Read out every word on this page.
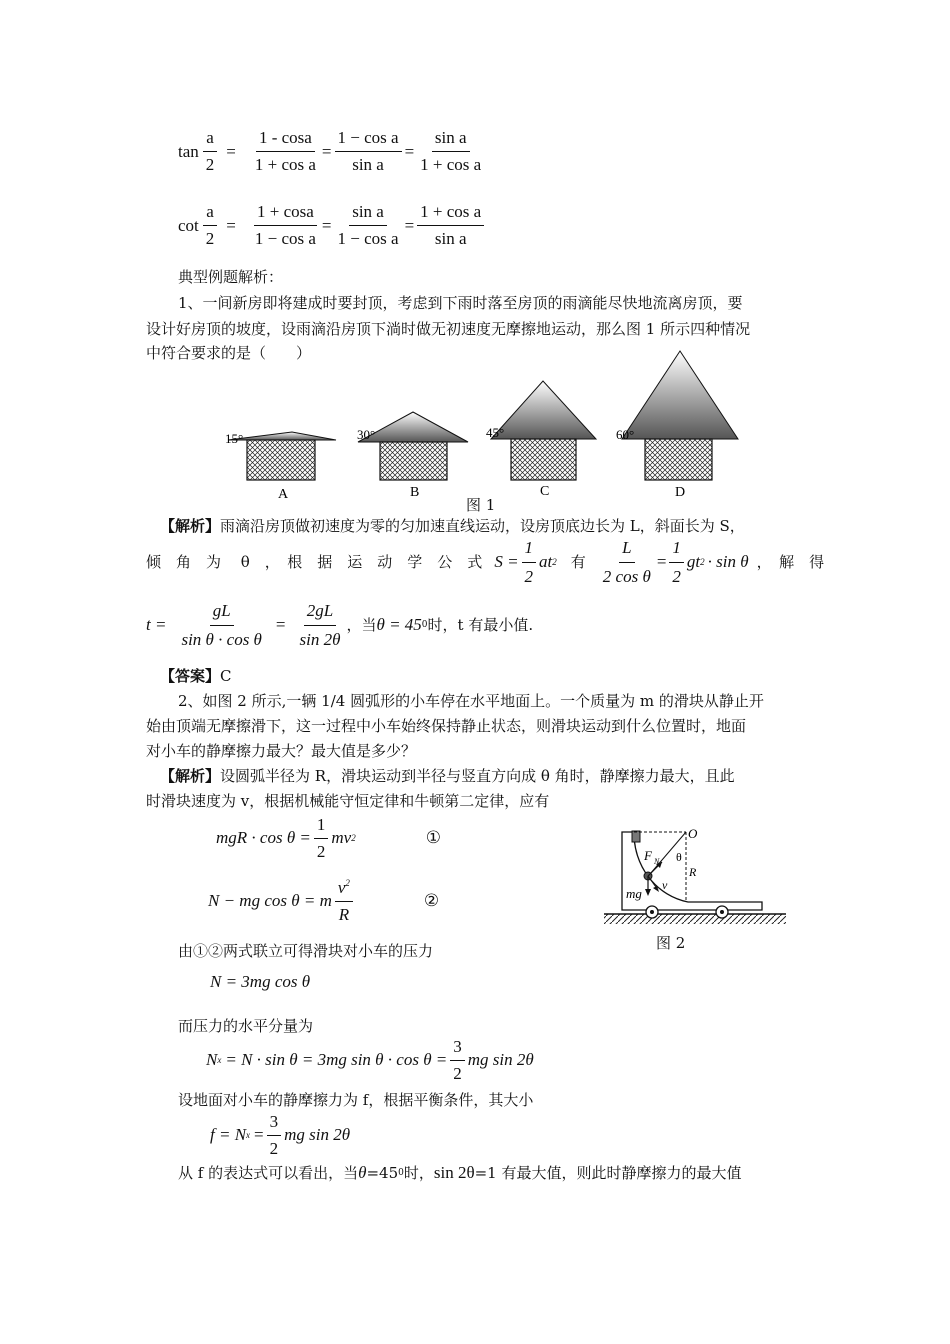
$\tan \frac{a}{2} = \frac{1 - \cos a}{\text{1 + cos a}} = \frac{\text{1 − cos a}}{\text{sin a}} = \frac{\text{sin a}}{\text{1 + cos a}}$
$\cot \frac{a}{2} = \frac{1 + \cos a}{\text{1 − cos a}} = \frac{\text{sin a}}{\text{1 − cos a}} = \frac{\text{1 + cos a}}{\text{sin a}}$
典型例题解析：
1、一间新房即将建成时要封顶，考虑到下雨时落至房顶的雨滴能尽快地流离房顶，要
设计好房顶的坡度，设雨滴沿房顶下淌时做无初速度无摩擦地运动，那么图 1 所示四种情况
中符合要求的是（　　）
15°
A
30°
B
45°
C
60°
D
图 1
【解析】雨滴沿房顶做初速度为零的匀加速直线运动，设房顶底边长为 L，斜面长为 S，
倾　角　为　 θ　，　根　据　运　动　学　公　式 $S = \frac{1}{2}$ at 2 有 $\frac{L}{\text{2 cos θ}} = \frac{1}{2}$ gt 2 · sin θ ，　解　得
$t = \frac{gL}{\text{sin θ · cos θ}} = \frac{2gL}{\sin 2\theta}$ ，当 θ = 45 0 时，t 有最小值.
【答案】C
2、如图 2 所示,一辆 1/4 圆弧形的小车停在水平地面上。一个质量为 m 的滑块从静止开
始由顶端无摩擦滑下，这一过程中小车始终保持静止状态，则滑块运动到什么位置时，地面
对小车的静摩擦力最大？最大值是多少？
【解析】设圆弧半径为 R，滑块运动到半径与竖直方向成 θ 角时，静摩擦力最大，且此
时滑块速度为 v，根据机械能守恒定律和牛顿第二定律，应有
mgR · $\cos \theta = \frac{1}{2}$ mv 2	①
N − mg cos θ = m $\frac{v^2}{R}$	②
由①②两式联立可得滑块对小车的压力
N = 3mg cos θ
而压力的水平分量为
N x = N · sin θ = 3mg $\sin \theta \cdot \cos \theta = \frac{3}{2}$ mg sin 2θ
设地面对小车的静摩擦力为 f，根据平衡条件，其大小
f = N $x = \frac{3}{2}$ mg sin 2θ
从 f 的表达式可以看出，当 θ =45 0 时， sin 2θ =1 有最大值，则此时静摩擦力的最大值
O
θ
R
F N
v
mg
图 2
